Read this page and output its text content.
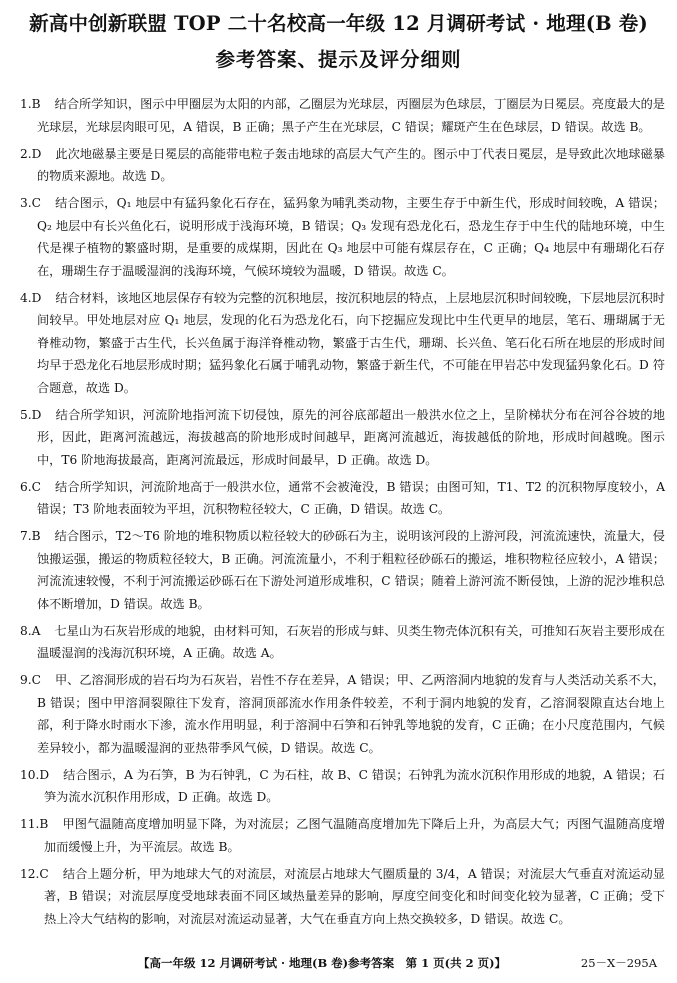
新高中创新联盟 TOP 二十名校高一年级 12 月调研考试 · 地理(B 卷)
参考答案、提示及评分细则
1.B 结合所学知识，图示中甲圈层为太阳的内部，乙圈层为光球层，丙圈层为色球层，丁圈层为日冕层。亮度最大的是光球层，光球层肉眼可见，A 错误，B 正确；黑子产生在光球层，C 错误；耀斑产生在色球层，D 错误。故选 B。
2.D 此次地磁暴主要是日冕层的高能带电粒子轰击地球的高层大气产生的。图示中丁代表日冕层，是导致此次地球磁暴的物质来源地。故选 D。
3.C 结合图示，Q₁ 地层中有猛犸象化石存在，猛犸象为哺乳类动物，主要生存于中新生代，形成时间较晚，A 错误；Q₂ 地层中有长兴鱼化石，说明形成于浅海环境，B 错误；Q₃ 发现有恐龙化石，恐龙生存于中生代的陆地环境，中生代是裸子植物的繁盛时期，是重要的成煤期，因此在 Q₃ 地层中可能有煤层存在，C 正确；Q₄ 地层中有珊瑚化石存在，珊瑚生存于温暖湿润的浅海环境，气候环境较为温暖，D 错误。故选 C。
4.D 结合材料，该地区地层保存有较为完整的沉积地层，按沉积地层的特点，上层地层沉积时间较晚，下层地层沉积时间较早。甲处地层对应 Q₁ 地层，发现的化石为恐龙化石，向下挖掘应发现比中生代更早的地层，笔石、珊瑚属于无脊椎动物，繁盛于古生代，长兴鱼属于海洋脊椎动物，繁盛于古生代，珊瑚、长兴鱼、笔石化石所在地层的形成时间均早于恐龙化石地层形成时期；猛犸象化石属于哺乳动物，繁盛于新生代，不可能在甲岩芯中发现猛犸象化石。D 符合题意，故选 D。
5.D 结合所学知识，河流阶地指河流下切侵蚀，原先的河谷底部超出一般洪水位之上，呈阶梯状分布在河谷谷坡的地形，因此，距离河流越远，海拔越高的阶地形成时间越早，距离河流越近，海拔越低的阶地，形成时间越晚。图示中，T6 阶地海拔最高，距离河流最远，形成时间最早，D 正确。故选 D。
6.C 结合所学知识，河流阶地高于一般洪水位，通常不会被淹没，B 错误；由图可知，T1、T2 的沉积物厚度较小，A 错误；T3 阶地表面较为平坦，沉积物粒径较大，C 正确，D 错误。故选 C。
7.B 结合图示，T2～T6 阶地的堆积物质以粒径较大的砂砾石为主，说明该河段的上游河段，河流流速快，流量大，侵蚀搬运强，搬运的物质粒径较大，B 正确。河流流量小，不利于粗粒径砂砾石的搬运，堆积物粒径应较小，A 错误；河流流速较慢，不利于河流搬运砂砾石在下游处河道形成堆积，C 错误；随着上游河流不断侵蚀，上游的泥沙堆积总体不断增加，D 错误。故选 B。
8.A 七星山为石灰岩形成的地貌，由材料可知，石灰岩的形成与蚌、贝类生物壳体沉积有关，可推知石灰岩主要形成在温暖湿润的浅海沉积环境，A 正确。故选 A。
9.C 甲、乙溶洞形成的岩石均为石灰岩，岩性不存在差异，A 错误；甲、乙两溶洞内地貌的发育与人类活动关系不大，B 错误；图中甲溶洞裂隙往下发育，溶洞顶部流水作用条件较差，不利于洞内地貌的发育，乙溶洞裂隙直达台地上部，利于降水时雨水下渗，流水作用明显，利于溶洞中石笋和石钟乳等地貌的发育，C 正确；在小尺度范围内，气候差异较小，都为温暖湿润的亚热带季风气候，D 错误。故选 C。
10.D 结合图示，A 为石笋，B 为石钟乳，C 为石柱，故 B、C 错误；石钟乳为流水沉积作用形成的地貌，A 错误；石笋为流水沉积作用形成，D 正确。故选 D。
11.B 甲图气温随高度增加明显下降，为对流层；乙图气温随高度增加先下降后上升，为高层大气；丙图气温随高度增加而缓慢上升，为平流层。故选 B。
12.C 结合上题分析，甲为地球大气的对流层，对流层占地球大气圈质量的 3/4，A 错误；对流层大气垂直对流运动显著，B 错误；对流层厚度受地球表面不同区域热量差异的影响，厚度空间变化和时间变化较为显著，C 正确；受下热上冷大气结构的影响，对流层对流运动显著，大气在垂直方向上热交换较多，D 错误。故选 C。
【高一年级 12 月调研考试 · 地理(B 卷)参考答案　第 1 页(共 2 页)】	25－X－295A
